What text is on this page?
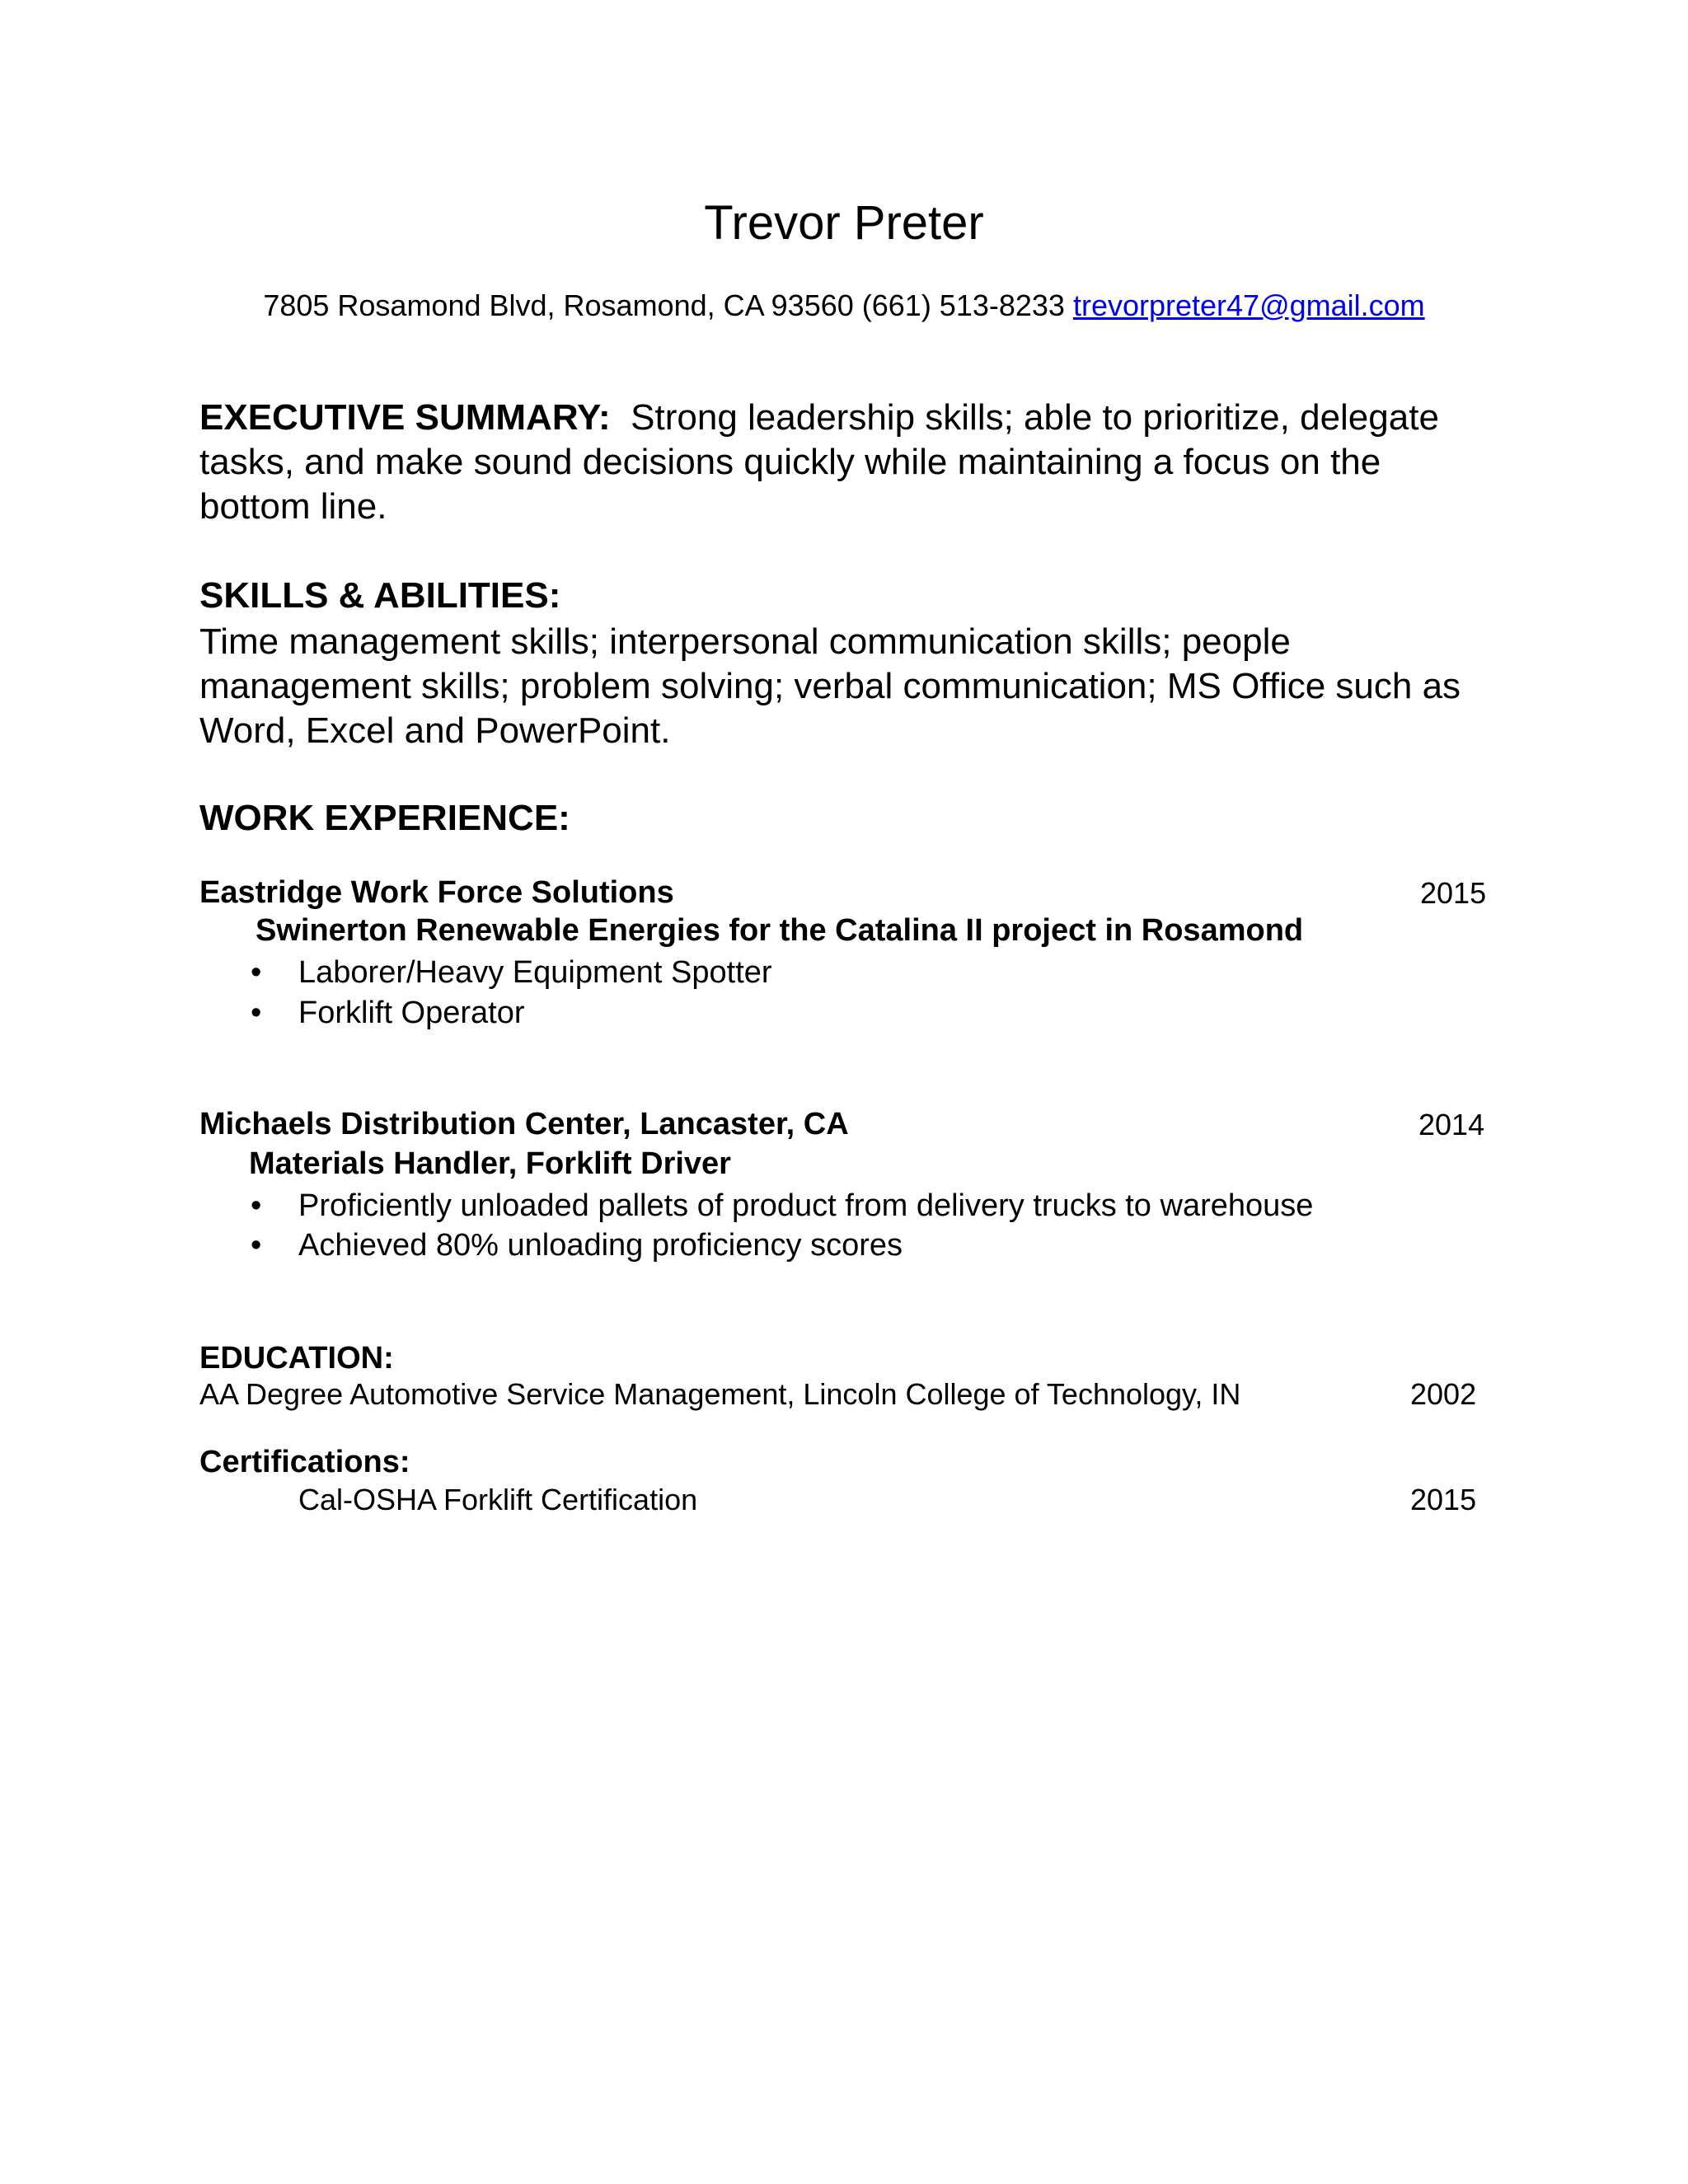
Trevor Preter
7805 Rosamond Blvd, Rosamond, CA 93560 (661) 513-8233 trevorpreter47@gmail.com
EXECUTIVE SUMMARY: Strong leadership skills; able to prioritize, delegate tasks, and make sound decisions quickly while maintaining a focus on the bottom line.
SKILLS & ABILITIES:
Time management skills; interpersonal communication skills; people management skills; problem solving; verbal communication; MS Office such as Word, Excel and PowerPoint.
WORK EXPERIENCE:
Eastridge Work Force Solutions	2015
Swinerton Renewable Energies for the Catalina II project in Rosamond
• Laborer/Heavy Equipment Spotter
• Forklift Operator
Michaels Distribution Center, Lancaster, CA	2014
Materials Handler, Forklift Driver
• Proficiently unloaded pallets of product from delivery trucks to warehouse
• Achieved 80% unloading proficiency scores
EDUCATION:
AA Degree Automotive Service Management, Lincoln College of Technology, IN	2002
Certifications:
Cal-OSHA Forklift Certification	2015
